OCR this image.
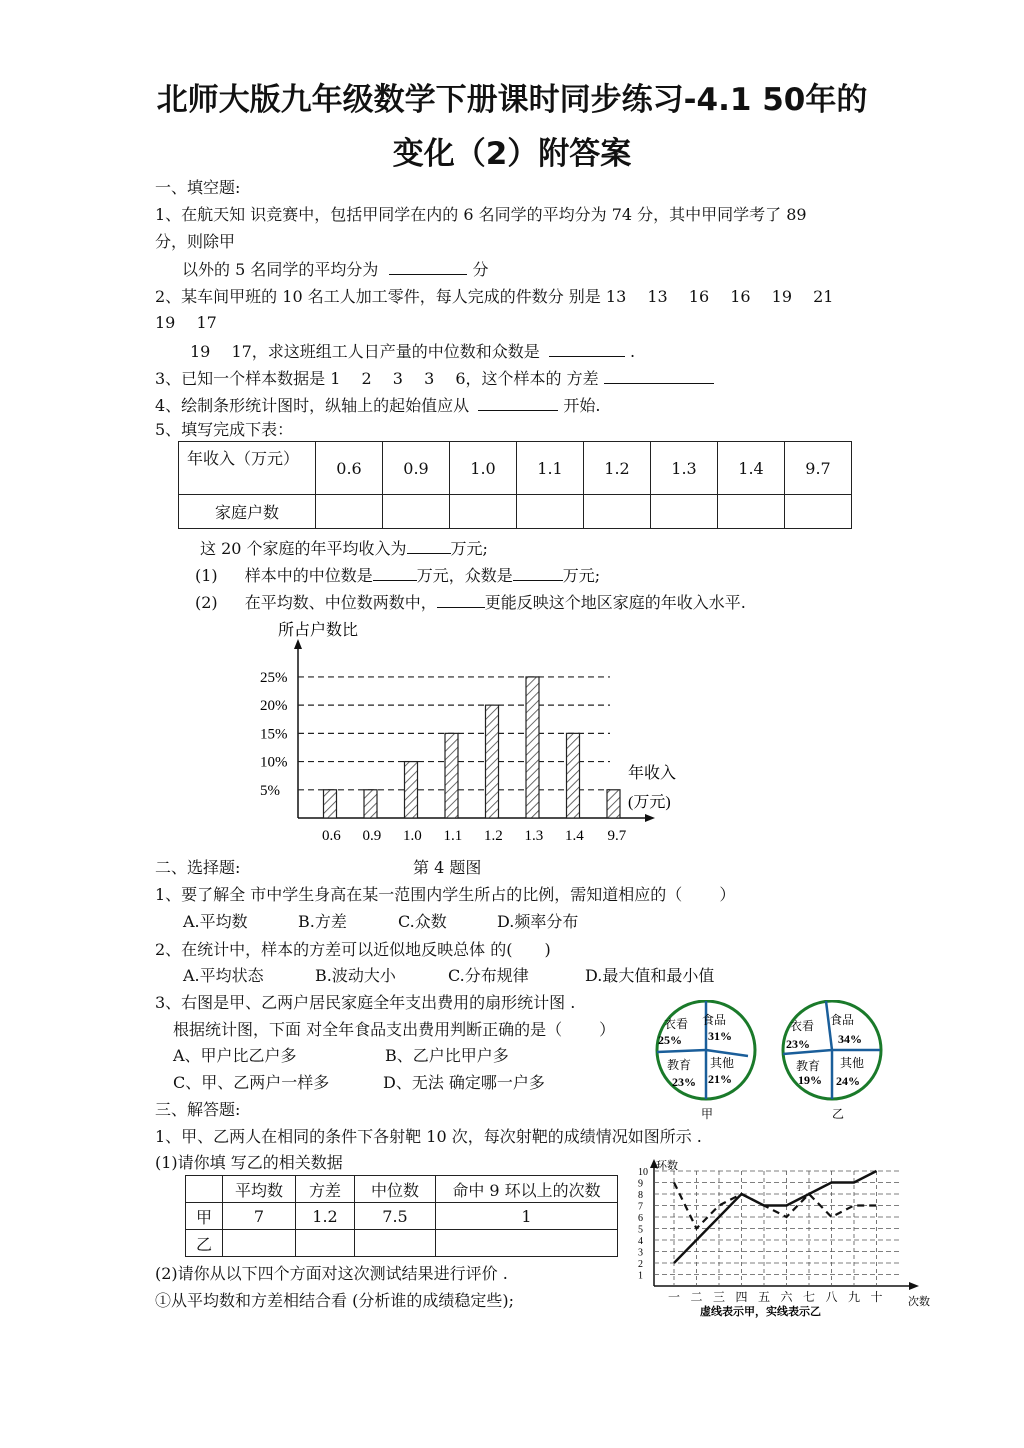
北师大版九年级数学下册课时同步练习-4.1 50年的
变化（2）附答案
一、填空题:
1、在航天知 识竞赛中，包括甲同学在内的 6 名同学的平均分为 74 分，其中甲同学考了 89
分，则除甲
以外的 5 名同学的平均分为	分
2、某车间甲班的 10 名工人加工零件，每人完成的件数分 别是 13　 13　 16　 16　 19　 21
19　 17
19　 17，求这班组工人日产量的中位数和众数是	.
3、已知一个样本数据是 1　 2　 3　 3　 6，这个样本的 方差
4、绘制条形统计图时，纵轴上的起始值应从	开始.
5、填写完成下表：
年收入（万元）	0.6	0.9	1.0	1.1	1.2	1.3	1.4	9.7
家庭户数								
这 20 个家庭的年平均收入为	万元;
(1) 样本中的中位数是	万元，众数是	万元;
(2) 在平均数、中位数两数中，	更能反映这个地区家庭的年收入水平.
所占户数比
5%
10%
15%
20%
25%
0.6 0.9 1.0 1.1 1.2 1.3 1.4 9.7
年收入
(万元)
二、选择题:	第 4 题图
1、要了解全 市中学生身高在某一范围内学生所占的比例，需知道相应的（　　 ）
A.平均数	B.方差	C.众数	D.频率分布
2、在统计中，样本的方差可以近似地反映总体 的(　　)
A.平均状态	B.波动大小	C.分布规律	D.最大值和最小值
3、右图是甲、乙两户居民家庭全年支出费用的扇形统计图 .
根据统计图，下面 对全年食品支出费用判断正确的是（　　 ）
A、甲户比乙户多	B、乙户比甲户多
C、甲、乙两户一样多	D、无法 确定哪一户多
衣看
25%
食品
31%
其他
21%
教育
23%
甲
衣看
23%
食品
34%
其他
24%
教育
19%
乙
三、解答题:
1、甲、乙两人在相同的条件下各射靶 10 次，每次射靶的成绩情况如图所示 .
(1)请你填 写乙的相关数据
	平均数	方差	中位数	命中 9 环以上的次数
甲	7	1.2	7.5	1
乙				
(2)请你从以下四个方面对这次测试结果进行评价 .
①从平均数和方差相结合看 (分析谁的成绩稳定些);
环数
次数
1
2
3
4
5
6
7
8
9
10
一 二 三 四 五 六 七 八 九 十
虚线表示甲，实线表示乙
